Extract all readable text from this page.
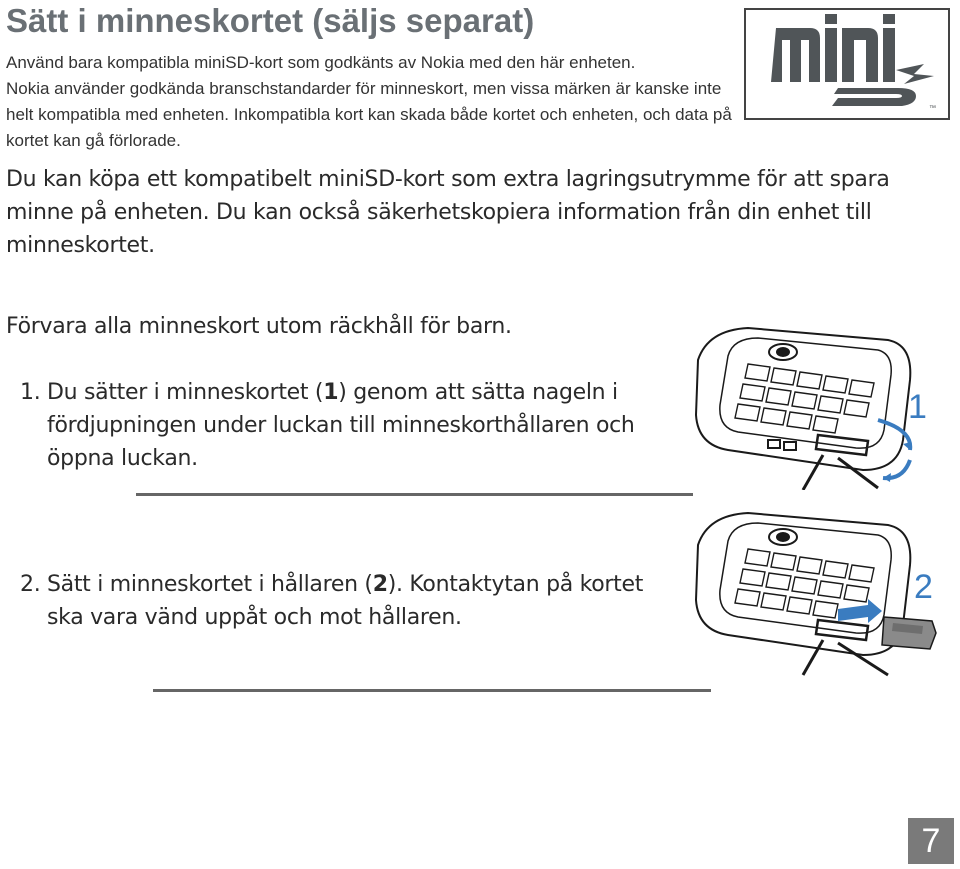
Sätt i minneskortet (säljs separat)

Använd bara kompatibla miniSD-kort som godkänts av Nokia med den här enheten.

Nokia använder godkända branschstandarder för minneskort, men vissa märken är kanske inte helt kompatibla med enheten. Inkompatibla kort kan skada både kortet och enheten, och data på kortet kan gå förlorade.

™

Du kan köpa ett kompatibelt miniSD-kort som extra lagringsutrymme för att spara minne på enheten. Du kan också säkerhetskopiera information från din enhet till minneskortet.

Förvara alla minneskort utom räckhåll för barn.

1. Du sätter i minneskortet (1) genom att sätta nageln i fördjupningen under luckan till minneskorthållaren och öppna luckan.
2. Sätt i minneskortet i hållaren (2). Kontaktytan på kortet ska vara vänd uppåt och mot hållaren.
1
2
7
